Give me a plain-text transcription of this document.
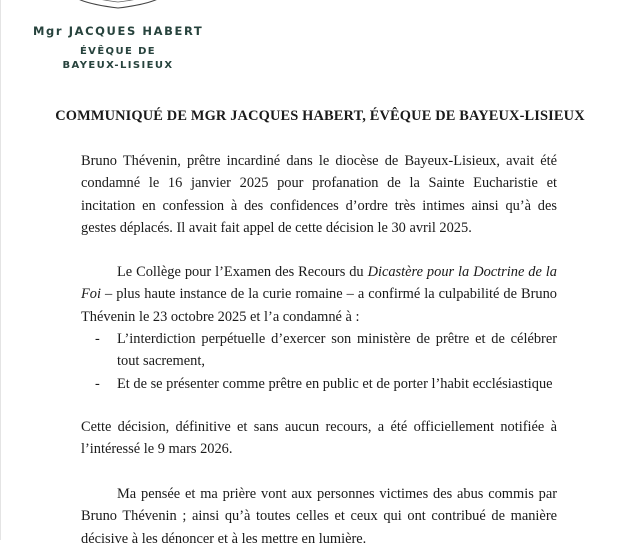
Mgr JACQUES HABERT
ÉVÊQUE DE
BAYEUX-LISIEUX
COMMUNIQUÉ DE MGR JACQUES HABERT, ÉVÊQUE DE BAYEUX-LISIEUX

Bruno Thévenin, prêtre incardiné dans le diocèse de Bayeux-Lisieux, avait été condamné le 16 janvier 2025 pour profanation de la Sainte Eucharistie et incitation en confession à des confidences d’ordre très intimes ainsi qu’à des gestes déplacés. Il avait fait appel de cette décision le 30 avril 2025.

Le Collège pour l’Examen des Recours du Dicastère pour la Doctrine de la Foi – plus haute instance de la curie romaine – a confirmé la culpabilité de Bruno Thévenin le 23 octobre 2025 et l’a condamné à :

- L’interdiction perpétuelle d’exercer son ministère de prêtre et de célébrer tout sacrement,
- Et de se présenter comme prêtre en public et de porter l’habit ecclésiastique

Cette décision, définitive et sans aucun recours, a été officiellement notifiée à l’intéressé le 9 mars 2026.

Ma pensée et ma prière vont aux personnes victimes des abus commis par Bruno Thévenin ; ainsi qu’à toutes celles et ceux qui ont contribué de manière décisive à les dénoncer et à les mettre en lumière.
